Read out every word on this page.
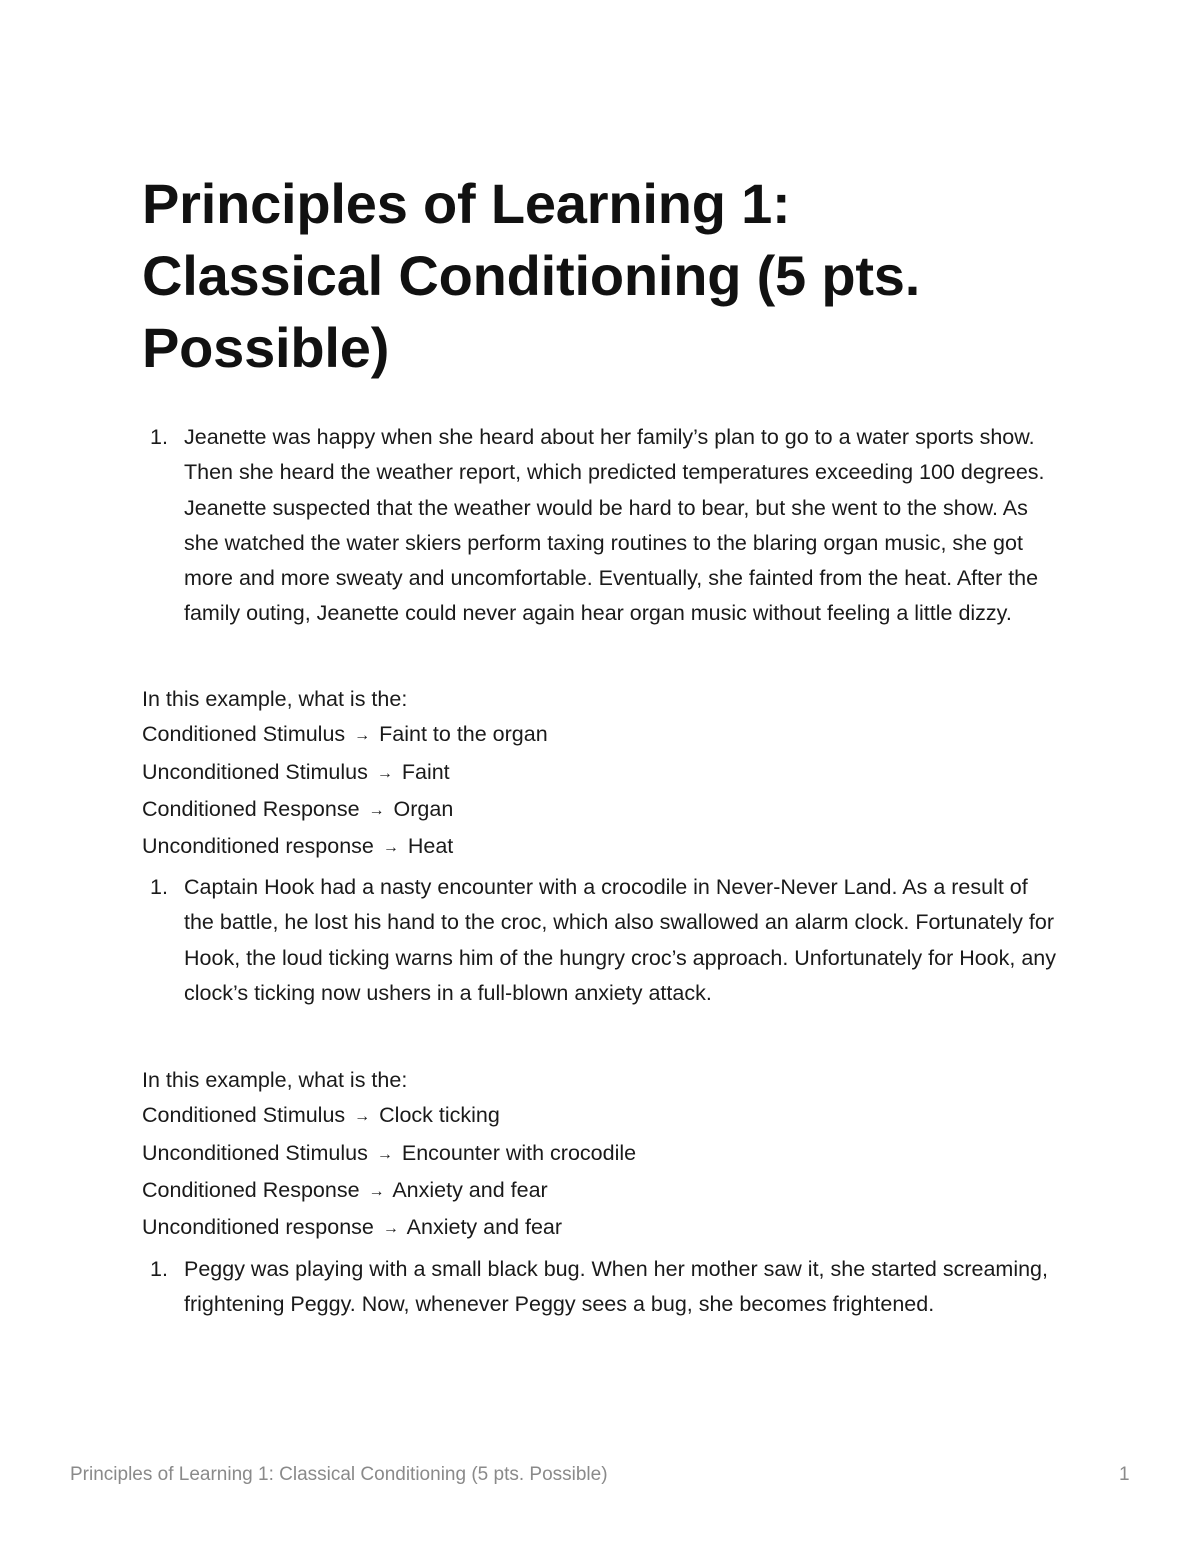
Principles of Learning 1: Classical Conditioning (5 pts. Possible)
1. Jeanette was happy when she heard about her family’s plan to go to a water sports show. Then she heard the weather report, which predicted temperatures exceeding 100 degrees. Jeanette suspected that the weather would be hard to bear, but she went to the show. As she watched the water skiers perform taxing routines to the blaring organ music, she got more and more sweaty and uncomfortable. Eventually, she fainted from the heat. After the family outing, Jeanette could never again hear organ music without feeling a little dizzy.
In this example, what is the:
Conditioned Stimulus → Faint to the organ
Unconditioned Stimulus → Faint
Conditioned Response → Organ
Unconditioned response → Heat
1. Captain Hook had a nasty encounter with a crocodile in Never-Never Land. As a result of the battle, he lost his hand to the croc, which also swallowed an alarm clock. Fortunately for Hook, the loud ticking warns him of the hungry croc’s approach. Unfortunately for Hook, any clock’s ticking now ushers in a full-blown anxiety attack.
In this example, what is the:
Conditioned Stimulus → Clock ticking
Unconditioned Stimulus → Encounter with crocodile
Conditioned Response → Anxiety and fear
Unconditioned response → Anxiety and fear
1. Peggy was playing with a small black bug. When her mother saw it, she started screaming, frightening Peggy. Now, whenever Peggy sees a bug, she becomes frightened.
Principles of Learning 1: Classical Conditioning (5 pts. Possible)	1
